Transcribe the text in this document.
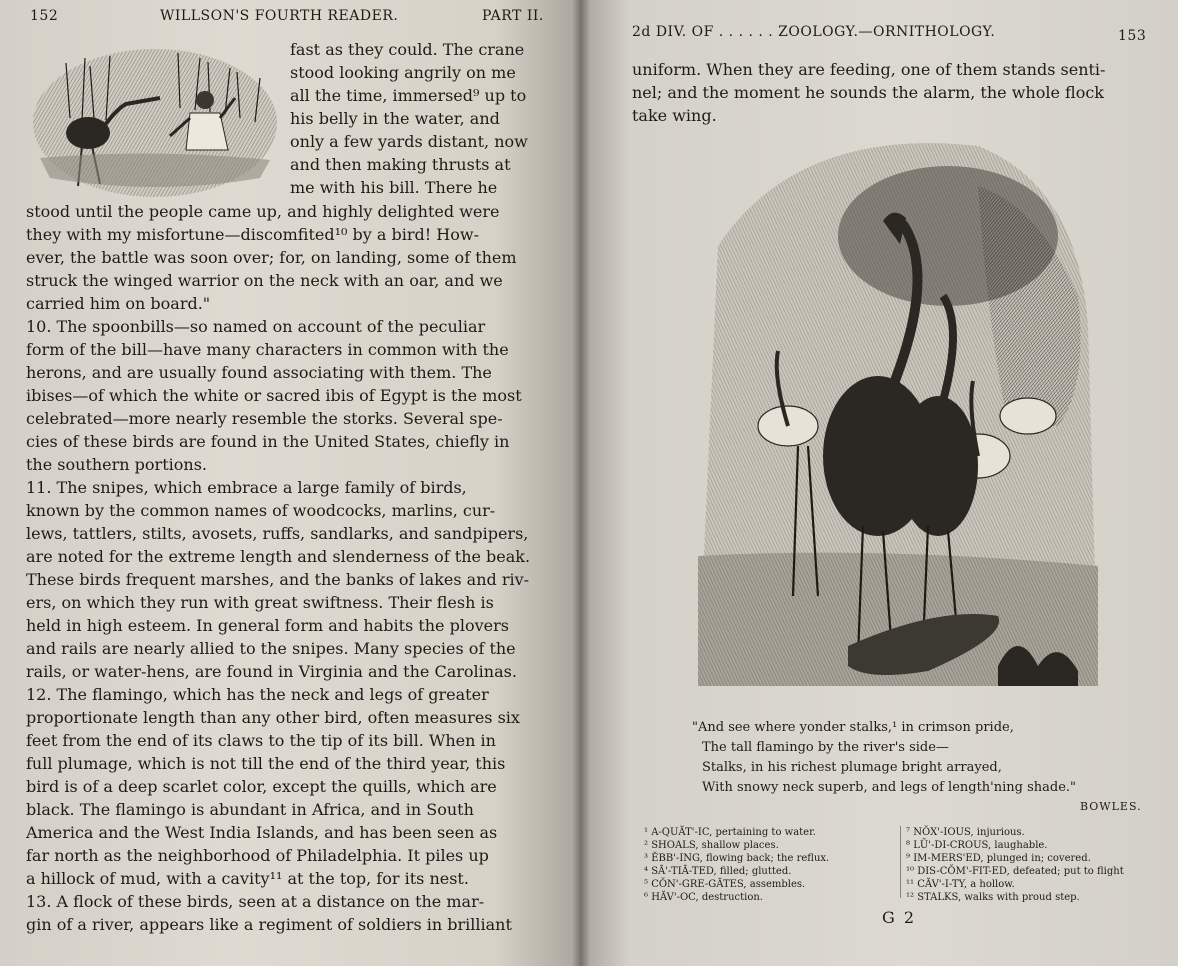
152	WILLSON'S FOURTH READER.	PART II.
fast as they could. The crane
stood looking angrily on me
all the time, immersed⁹ up to
his belly in the water, and
only a few yards distant, now
and then making thrusts at
me with his bill. There he
stood until the people came up, and highly delighted were
they with my misfortune—discomfited¹⁰ by a bird! How-
ever, the battle was soon over; for, on landing, some of them
struck the winged warrior on the neck with an oar, and we
carried him on board."
10. The spoonbills—so named on account of the peculiar
form of the bill—have many characters in common with the
herons, and are usually found associating with them. The
ibises—of which the white or sacred ibis of Egypt is the most
celebrated—more nearly resemble the storks. Several spe-
cies of these birds are found in the United States, chiefly in
the southern portions.
11. The snipes, which embrace a large family of birds,
known by the common names of woodcocks, marlins, cur-
lews, tattlers, stilts, avosets, ruffs, sandlarks, and sandpipers,
are noted for the extreme length and slenderness of the beak.
These birds frequent marshes, and the banks of lakes and riv-
ers, on which they run with great swiftness. Their flesh is
held in high esteem. In general form and habits the plovers
and rails are nearly allied to the snipes. Many species of the
rails, or water-hens, are found in Virginia and the Carolinas.
12. The flamingo, which has the neck and legs of greater
proportionate length than any other bird, often measures six
feet from the end of its claws to the tip of its bill. When in
full plumage, which is not till the end of the third year, this
bird is of a deep scarlet color, except the quills, which are
black. The flamingo is abundant in Africa, and in South
America and the West India Islands, and has been seen as
far north as the neighborhood of Philadelphia. It piles up
a hillock of mud, with a cavity¹¹ at the top, for its nest.
13. A flock of these birds, seen at a distance on the mar-
gin of a river, appears like a regiment of soldiers in brilliant
2d DIV. OF . . . . . . ZOOLOGY.—ORNITHOLOGY.	153
uniform. When they are feeding, one of them stands senti-
nel; and the moment he sounds the alarm, the whole flock
take wing.
"And see where yonder stalks,¹ in crimson pride,
The tall flamingo by the river's side—
Stalks, in his richest plumage bright arrayed,
With snowy neck superb, and legs of length'ning shade."
BOWLES.
¹ A-QUĂT'-IC, pertaining to water.
² SHOALS, shallow places.
³ ĔBB'-ING, flowing back; the reflux.
⁴ SĀ'-TIĀ-TED, filled; glutted.
⁵ CŎN'-GRE-GĀTES, assembles.
⁶ HĂV'-OC, destruction.
⁷ NŎX'-IOUS, injurious.
⁸ LŪ'-DI-CROUS, laughable.
⁹ IM-MERS'ED, plunged in; covered.
¹⁰ DIS-CŎM'-FIT-ED, defeated; put to flight
¹¹ CĂV'-I-TY, a hollow.
¹² STALKS, walks with proud step.
G 2
